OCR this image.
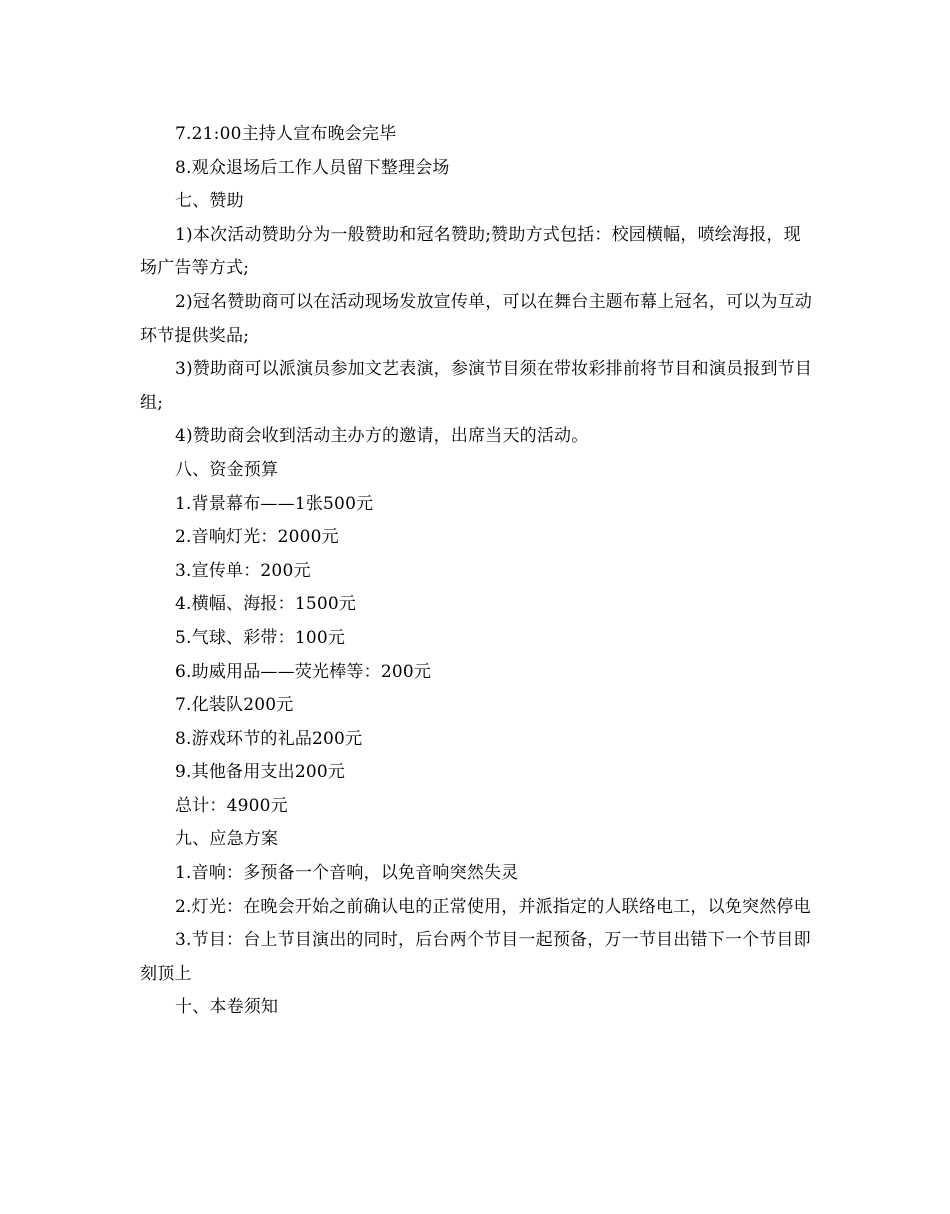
7.21:00主持人宣布晚会完毕

8.观众退场后工作人员留下整理会场

七、赞助

1)本次活动赞助分为一般赞助和冠名赞助;赞助方式包括：校园横幅，喷绘海报，现场广告等方式;

2)冠名赞助商可以在活动现场发放宣传单，可以在舞台主题布幕上冠名，可以为互动环节提供奖品;

3)赞助商可以派演员参加文艺表演，参演节目须在带妆彩排前将节目和演员报到节目组;

4)赞助商会收到活动主办方的邀请，出席当天的活动。

八、资金预算

1.背景幕布——1张500元

2.音响灯光：2000元

3.宣传单：200元

4.横幅、海报：1500元

5.气球、彩带：100元

6.助威用品——荧光棒等：200元

7.化装队200元

8.游戏环节的礼品200元

9.其他备用支出200元

总计：4900元

九、应急方案

1.音响：多预备一个音响，以免音响突然失灵

2.灯光：在晚会开始之前确认电的正常使用，并派指定的人联络电工，以免突然停电

3.节目：台上节目演出的同时，后台两个节目一起预备，万一节目出错下一个节目即刻顶上

十、本卷须知
